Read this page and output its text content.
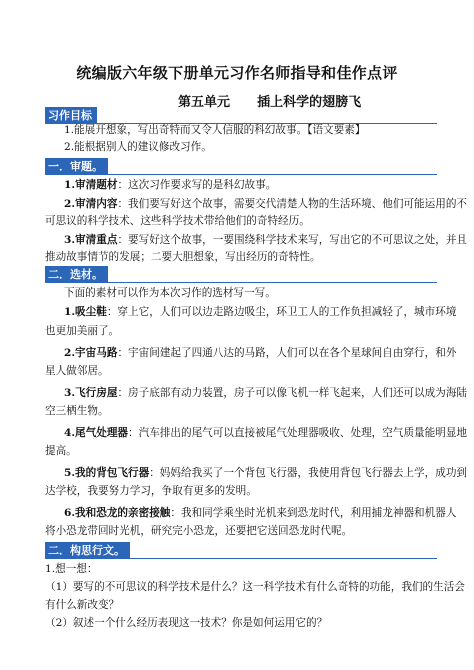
统编版六年级下册单元习作名师指导和佳作点评
第五单元      插上科学的翅膀飞
习作目标
1.能展开想象，写出奇特而又令人信服的科幻故事。【语文要素】
2.能根据别人的建议修改习作。
一．审题。
1.审清题材：这次习作要求写的是科幻故事。
2.审清内容：我们要写好这个故事，需要交代清楚人物的生活环境、他们可能运用的不
可思议的科学技术、这些科学技术带给他们的奇特经历。
3.审清重点：要写好这个故事，一要围绕科学技术来写，写出它的不可思议之处，并且
推动故事情节的发展；二要大胆想象，写出经历的奇特性。
二．选材。
下面的素材可以作为本次习作的选材写一写。
1.吸尘鞋：穿上它，人们可以边走路边吸尘，环卫工人的工作负担减轻了，城市环境
也更加美丽了。
2.宇宙马路：宇宙间建起了四通八达的马路，人们可以在各个星球间自由穿行，和外
星人做邻居。
3.飞行房屋：房子底部有动力装置，房子可以像飞机一样飞起来，人们还可以成为海陆
空三栖生物。
4.尾气处理器：汽车排出的尾气可以直接被尾气处理器吸收、处理，空气质量能明显地
提高。
5.我的背包飞行器：妈妈给我买了一个背包飞行器，我使用背包飞行器去上学，成功到
达学校，我要努力学习，争取有更多的发明。
6.我和恐龙的亲密接触：我和同学乘坐时光机来到恐龙时代，利用捕龙神器和机器人
将小恐龙带回时光机，研究完小恐龙，还要把它送回恐龙时代呢。
二．构思行文。
1.想一想：
（1）要写的不可思议的科学技术是什么？这一科学技术有什么奇特的功能，我们的生活会
有什么新改变？
（2）叙述一个什么经历表现这一技术？你是如何运用它的？
